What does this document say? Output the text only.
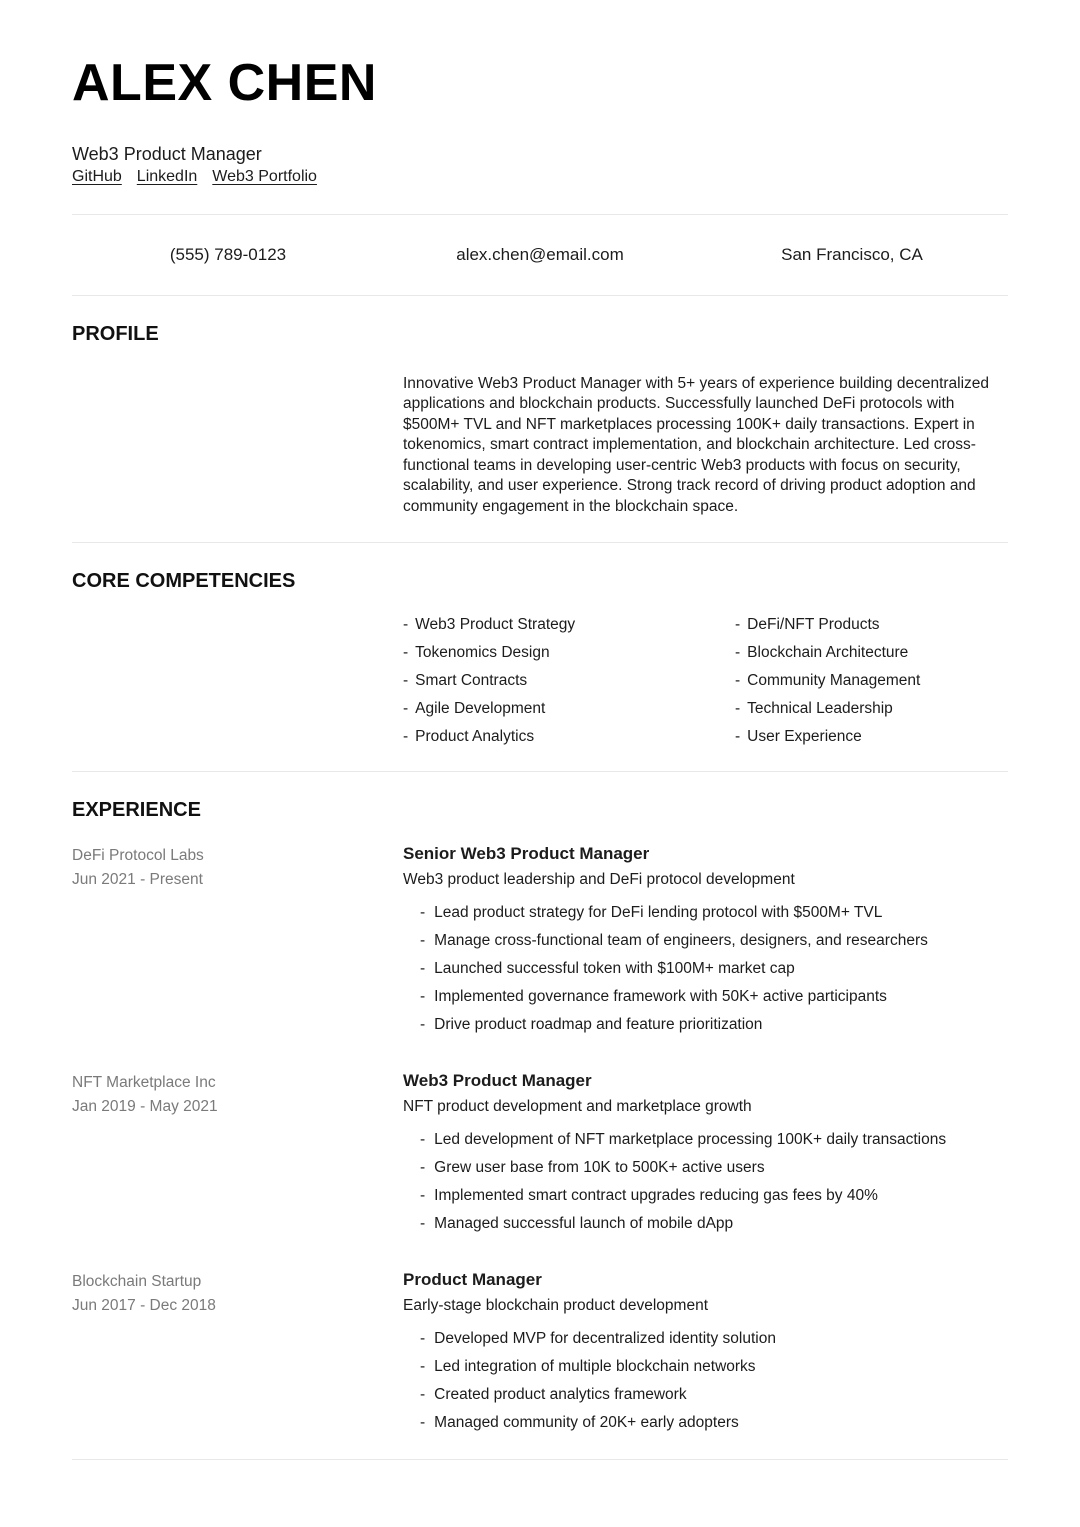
ALEX CHEN
Web3 Product Manager
GitHub LinkedIn Web3 Portfolio
(555) 789-0123	alex.chen@email.com	San Francisco, CA
PROFILE

Innovative Web3 Product Manager with 5+ years of experience building decentralized applications and blockchain products. Successfully launched DeFi protocols with $500M+ TVL and NFT marketplaces processing 100K+ daily transactions. Expert in tokenomics, smart contract implementation, and blockchain architecture. Led cross-functional teams in developing user-centric Web3 products with focus on security, scalability, and user experience. Strong track record of driving product adoption and community engagement in the blockchain space.

CORE COMPETENCIES
- Web3 Product Strategy
- Tokenomics Design
- Smart Contracts
- Agile Development
- Product Analytics
- DeFi/NFT Products
- Blockchain Architecture
- Community Management
- Technical Leadership
- User Experience
EXPERIENCE
DeFi Protocol Labs
Jun 2021 - Present
Senior Web3 Product Manager
Web3 product leadership and DeFi protocol development
- Lead product strategy for DeFi lending protocol with $500M+ TVL
- Manage cross-functional team of engineers, designers, and researchers
- Launched successful token with $100M+ market cap
- Implemented governance framework with 50K+ active participants
- Drive product roadmap and feature prioritization
NFT Marketplace Inc
Jan 2019 - May 2021
Web3 Product Manager
NFT product development and marketplace growth
- Led development of NFT marketplace processing 100K+ daily transactions
- Grew user base from 10K to 500K+ active users
- Implemented smart contract upgrades reducing gas fees by 40%
- Managed successful launch of mobile dApp
Blockchain Startup
Jun 2017 - Dec 2018
Product Manager
Early-stage blockchain product development
- Developed MVP for decentralized identity solution
- Led integration of multiple blockchain networks
- Created product analytics framework
- Managed community of 20K+ early adopters
